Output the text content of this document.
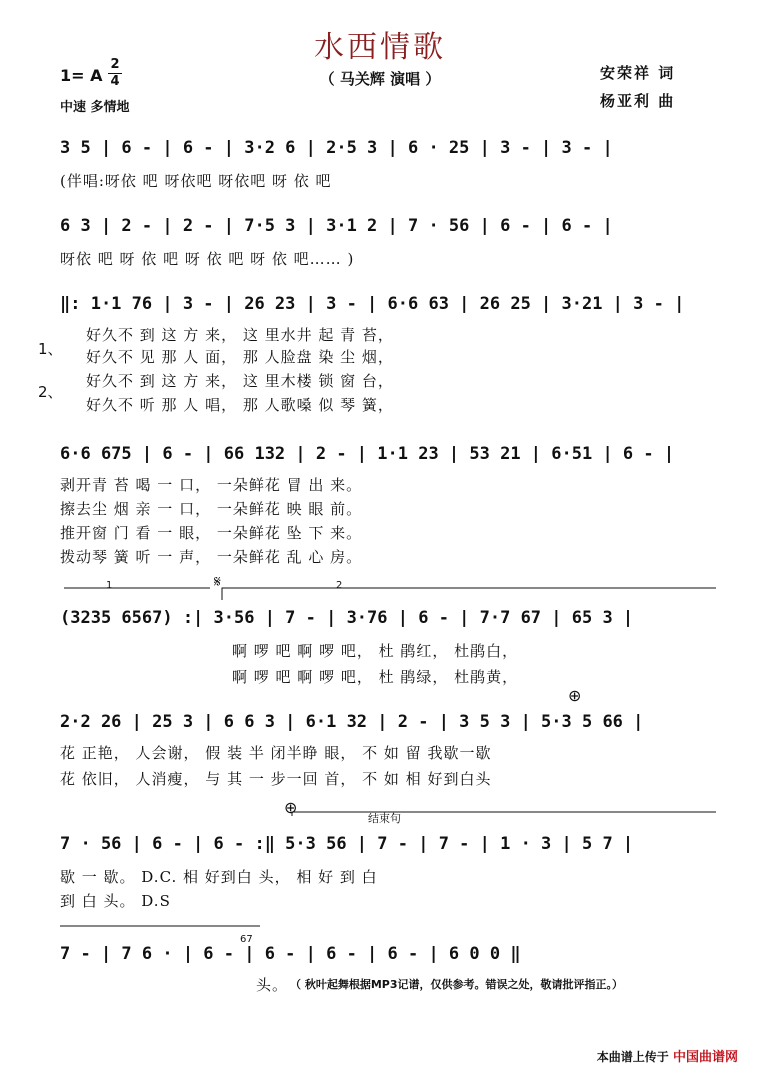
水西情歌
1= A
2
4	（ 马关辉 演唱 ）
中速 多情地
安荣祥 词
杨亚利 曲
3 5 | 6 - | 6 - | 3·2 6 | 2·5 3 | 6 · 25 | 3 - | 3 - |
(伴唱:呀依 吧 呀依吧 呀依吧 呀 依 吧
6 3 | 2 - | 2 - | 7·5 3 | 3·1 2 | 7 · 56 | 6 - | 6 - |
呀依 吧 呀 依 吧 呀 依 吧 呀 依 吧…… )
‖: 1·1 76 | 3 - | 26 23 | 3 - | 6·6 63 | 26 25 | 3·21 | 3 - |
1、
2、
好久不 到 这 方 来， 这 里水井 起 青 苔，
好久不 见 那 人 面， 那 人脸盘 染 尘 烟，
好久不 到 这 方 来， 这 里木楼 锁 窗 台，
好久不 听 那 人 唱， 那 人歌嗓 似 琴 簧，
6·6 675 | 6 - | 66 132 | 2 - | 1·1 23 | 53 21 | 6·51 | 6 - |
剥开青 苔 喝 一 口， 一朵鲜花 冒 出 来。
擦去尘 烟 亲 一 口， 一朵鲜花 映 眼 前。
推开窗 门 看 一 眼， 一朵鲜花 坠 下 来。
拨动琴 簧 听 一 声， 一朵鲜花 乱 心 房。
1	2
𝄋
(3235 6567) :| 3·56 | 7 - | 3·76 | 6 - | 7·7 67 | 65 3 |
啊 啰 吧 啊 啰 吧， 杜 鹃红， 杜鹃白，
啊 啰 吧 啊 啰 吧， 杜 鹃绿， 杜鹃黄，
⊕
2·2 26 | 25 3 | 6 6 3 | 6·1 32 | 2 - | 3 5 3 | 5·3 5 66 |
花 正艳， 人会谢， 假 装 半 闭半睁 眼， 不 如 留 我歇一歇
花 依旧， 人消瘦， 与 其 一 步一回 首， 不 如 相 好到白头
⊕
结束句
7 · 56 | 6 - | 6 - :‖ 5·3 56 | 7 - | 7 - | 1 · 3 | 5 7 |
歇 一 歇。 D.C. 相 好到白 头， 相 好 到 白
到 白 头。 D.S
67
7 - | 7 6 · | 6 - | 6 - | 6 - | 6 - | 6 0 0 ‖
头。 （ 秋叶起舞根据MP3记谱，仅供参考。错误之处，敬请批评指正。）
本曲谱上传于 中国曲谱网
